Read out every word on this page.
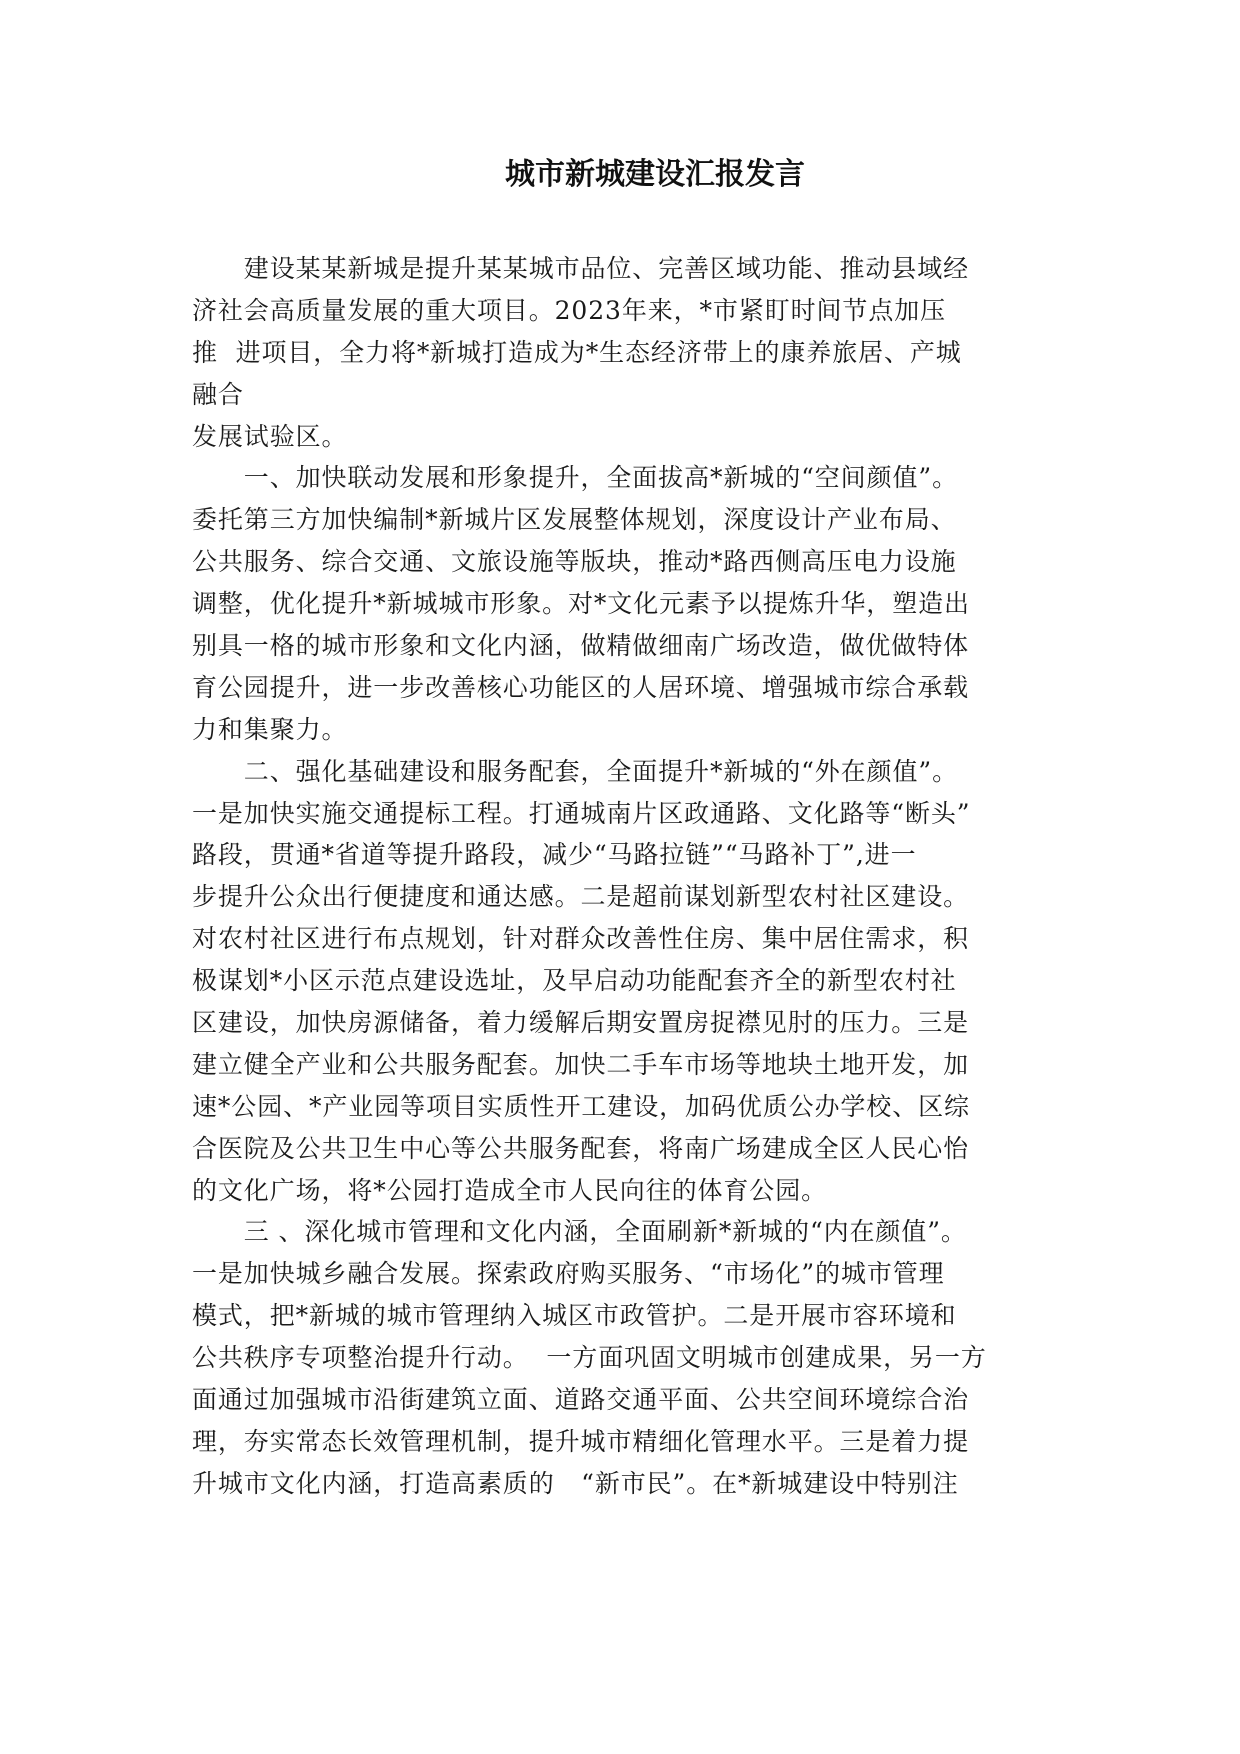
城市新城建设汇报发言
　　建设某某新城是提升某某城市品位、完善区域功能、推动县域经
济社会高质量发展的重大项目。2023年来，*市紧盯时间节点加压
推  进项目，全力将*新城打造成为*生态经济带上的康养旅居、产城
融合
发展试验区。
　　一、加快联动发展和形象提升，全面拔高*新城的“空间颜值”。
委托第三方加快编制*新城片区发展整体规划，深度设计产业布局、
公共服务、综合交通、文旅设施等版块，推动*路西侧高压电力设施
调整，优化提升*新城城市形象。对*文化元素予以提炼升华，塑造出
别具一格的城市形象和文化内涵，做精做细南广场改造，做优做特体
育公园提升，进一步改善核心功能区的人居环境、增强城市综合承载
力和集聚力。
　　二、强化基础建设和服务配套，全面提升*新城的“外在颜值”。
一是加快实施交通提标工程。打通城南片区政通路、文化路等“断头”
路段，贯通*省道等提升路段，减少“马路拉链”“马路补丁”,进一
步提升公众出行便捷度和通达感。二是超前谋划新型农村社区建设。
对农村社区进行布点规划，针对群众改善性住房、集中居住需求，积
极谋划*小区示范点建设选址，及早启动功能配套齐全的新型农村社
区建设，加快房源储备，着力缓解后期安置房捉襟见肘的压力。三是
建立健全产业和公共服务配套。加快二手车市场等地块土地开发，加
速*公园、*产业园等项目实质性开工建设，加码优质公办学校、区综
合医院及公共卫生中心等公共服务配套，将南广场建成全区人民心怡
的文化广场，将*公园打造成全市人民向往的体育公园。
　　三 、深化城市管理和文化内涵，全面刷新*新城的“内在颜值”。
一是加快城乡融合发展。探索政府购买服务、“市场化”的城市管理
模式，把*新城的城市管理纳入城区市政管护。二是开展市容环境和
公共秩序专项整治提升行动。  一方面巩固文明城市创建成果，另一方
面通过加强城市沿街建筑立面、道路交通平面、公共空间环境综合治
理，夯实常态长效管理机制，提升城市精细化管理水平。三是着力提
升城市文化内涵，打造高素质的   “新市民”。在*新城建设中特别注
